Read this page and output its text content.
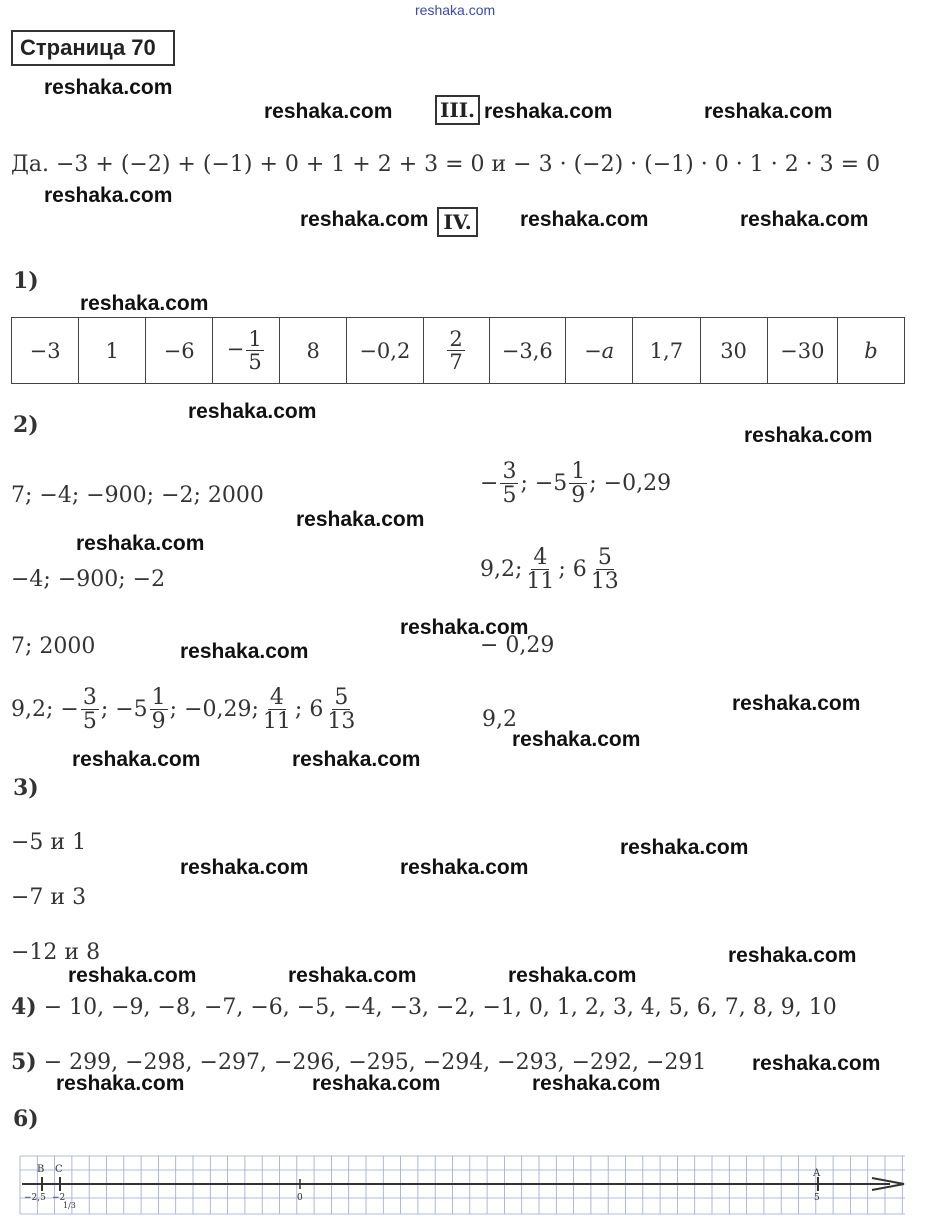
reshaka.com
Страница 70
reshaka.com
reshaka.com	reshaka.com	reshaka.com
reshaka.com
reshaka.com	reshaka.com	reshaka.com
reshaka.com
reshaka.com
reshaka.com
reshaka.com
reshaka.com
reshaka.com
reshaka.com
reshaka.com
reshaka.com
reshaka.com	reshaka.com
reshaka.com
reshaka.com	reshaka.com
reshaka.com
reshaka.com	reshaka.com	reshaka.com
reshaka.com
reshaka.com	reshaka.com	reshaka.com
III.
Да. −3 + (−2) + (−1) + 0 + 1 + 2 + 3 = 0 и − 3 · (−2) · (−1) · 0 · 1 · 2 · 3 = 0
IV.
1)
−3	1	−6	− $\frac{1}{5}$	8	−0,2	$\frac{2}{7}$	−3,6	−a	1,7	30	−30	b
2)
7; −4; −900; −2; 2000
−4; −900; −2
7; 2000
9,2; − $\frac{3}{5}$ ; $-5 \frac{1}{9}$ ; −0,29; $\frac{4}{11}$ ; $6 \frac{5}{13}$
− $\frac{3}{5}$ ; $-5 \frac{1}{9}$ ; −0,29
9,2; $\frac{4}{11}$ ; $6 \frac{5}{13}$
− 0,29
9,2
3)
−5 и 1
−7 и 3
−12 и 8
4) − 10, −9, −8, −7, −6, −5, −4, −3, −2, −1, 0, 1, 2, 3, 4, 5, 6, 7, 8, 9, 10
5) − 299, −298, −297, −296, −295, −294, −293, −292, −291
6)
B C	A
−2,5 −2
1/3
0	5
